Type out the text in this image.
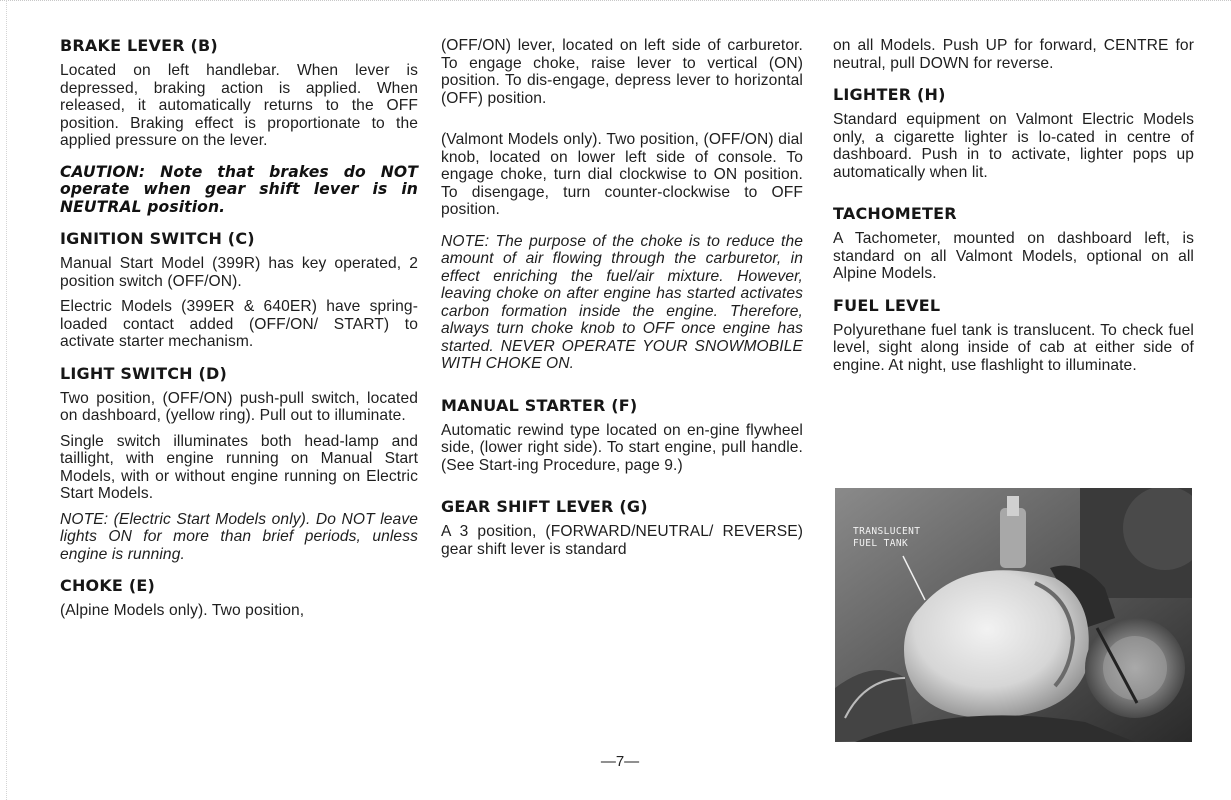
BRAKE LEVER (B)

Located on left handlebar. When lever is depressed, braking action is applied. When released, it automatically returns to the OFF position. Braking effect is proportionate to the applied pressure on the lever.

CAUTION: Note that brakes do NOT operate when gear shift lever is in NEUTRAL position.

IGNITION SWITCH (C)

Manual Start Model (399R) has key operated, 2 position switch (OFF/ON).

Electric Models (399ER & 640ER) have spring-loaded contact added (OFF/ON/ START) to activate starter mechanism.

LIGHT SWITCH (D)

Two position, (OFF/ON) push-pull switch, located on dashboard, (yellow ring). Pull out to illuminate.

Single switch illuminates both head-lamp and taillight, with engine running on Manual Start Models, with or without engine running on Electric Start Models.

NOTE: (Electric Start Models only). Do NOT leave lights ON for more than brief periods, unless engine is running.

CHOKE (E)

(Alpine Models only). Two position,

(OFF/ON) lever, located on left side of carburetor. To engage choke, raise lever to vertical (ON) position. To dis-engage, depress lever to horizontal (OFF) position.

(Valmont Models only). Two position, (OFF/ON) dial knob, located on lower left side of console. To engage choke, turn dial clockwise to ON position. To disengage, turn counter-clockwise to OFF position.

NOTE: The purpose of the choke is to reduce the amount of air flowing through the carburetor, in effect enriching the fuel/air mixture. However, leaving choke on after engine has started activates carbon formation inside the engine. Therefore, always turn choke knob to OFF once engine has started. NEVER OPERATE YOUR SNOWMOBILE WITH CHOKE ON.

MANUAL STARTER (F)

Automatic rewind type located on en-gine flywheel side, (lower right side). To start engine, pull handle. (See Start-ing Procedure, page 9.)

GEAR SHIFT LEVER (G)

A 3 position, (FORWARD/NEUTRAL/ REVERSE) gear shift lever is standard

on all Models. Push UP for forward, CENTRE for neutral, pull DOWN for reverse.

LIGHTER (H)

Standard equipment on Valmont Electric Models only, a cigarette lighter is lo-cated in centre of dashboard. Push in to activate, lighter pops up automatically when lit.

TACHOMETER

A Tachometer, mounted on dashboard left, is standard on all Valmont Models, optional on all Alpine Models.

FUEL LEVEL

Polyurethane fuel tank is translucent. To check fuel level, sight along inside of cab at either side of engine. At night, use flashlight to illuminate.

TRANSLUCENT
FUEL TANK
—7—
